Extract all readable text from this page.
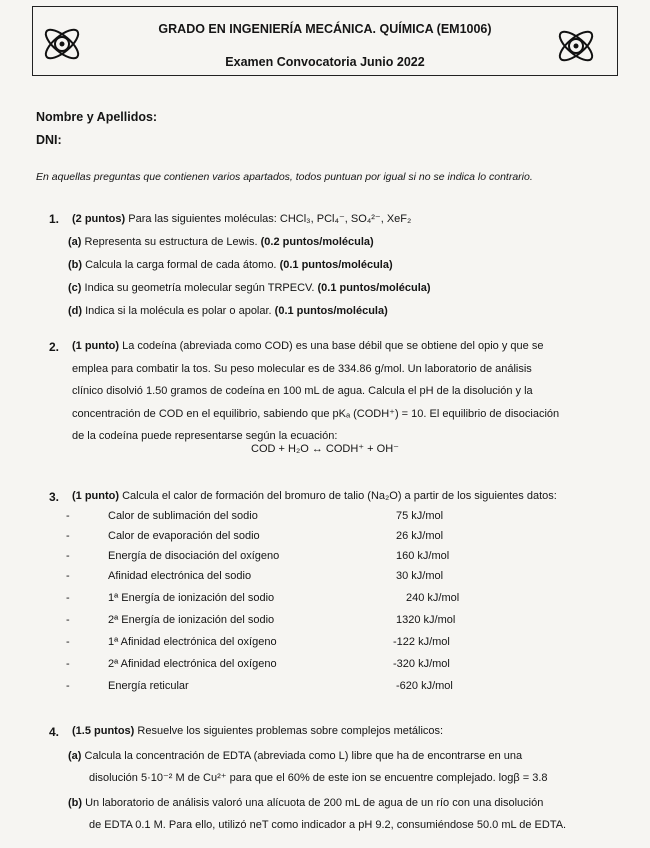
GRADO EN INGENIERÍA MECÁNICA. QUÍMICA (EM1006)
Examen Convocatoria Junio 2022
Nombre y Apellidos:
DNI:
En aquellas preguntas que contienen varios apartados, todos puntuan por igual si no se indica lo contrario.
1. (2 puntos) Para las siguientes moléculas: CHCl₃, PCl₄⁻, SO₄²⁻, XeF₂
(a) Representa su estructura de Lewis. (0.2 puntos/molécula)
(b) Calcula la carga formal de cada átomo. (0.1 puntos/molécula)
(c) Indica su geometría molecular según TRPECV. (0.1 puntos/molécula)
(d) Indica si la molécula es polar o apolar. (0.1 puntos/molécula)
2. (1 punto) La codeína (abreviada como COD) es una base débil que se obtiene del opio y que se
emplea para combatir la tos. Su peso molecular es de 334.86 g/mol. Un laboratorio de análisis
clínico disolvió 1.50 gramos de codeína en 100 mL de agua. Calcula el pH de la disolución y la
concentración de COD en el equilibrio, sabiendo que pKₐ (CODH⁺) = 10. El equilibrio de disociación
de la codeína puede representarse según la ecuación:
COD + H₂O ↔ CODH⁺ + OH⁻
3. (1 punto) Calcula el calor de formación del bromuro de talio (Na₂O) a partir de los siguientes datos:
-	Calor de sublimación del sodio	75 kJ/mol
-	Calor de evaporación del sodio	26 kJ/mol
-	Energía de disociación del oxígeno	160 kJ/mol
-	Afinidad electrónica del sodio	30 kJ/mol
-	1ª Energía de ionización del sodio	240 kJ/mol
-	2ª Energía de ionización del sodio	1320 kJ/mol
-	1ª Afinidad electrónica del oxígeno	-122 kJ/mol
-	2ª Afinidad electrónica del oxígeno	-320 kJ/mol
-	Energía reticular	-620 kJ/mol
4. (1.5 puntos) Resuelve los siguientes problemas sobre complejos metálicos:
(a) Calcula la concentración de EDTA (abreviada como L) libre que ha de encontrarse en una
disolución 5·10⁻² M de Cu²⁺ para que el 60% de este ion se encuentre complejado. logβ = 3.8
(b) Un laboratorio de análisis valoró una alícuota de 200 mL de agua de un río con una disolución
de EDTA 0.1 M. Para ello, utilizó neT como indicador a pH 9.2, consumiéndose 50.0 mL de EDTA.
